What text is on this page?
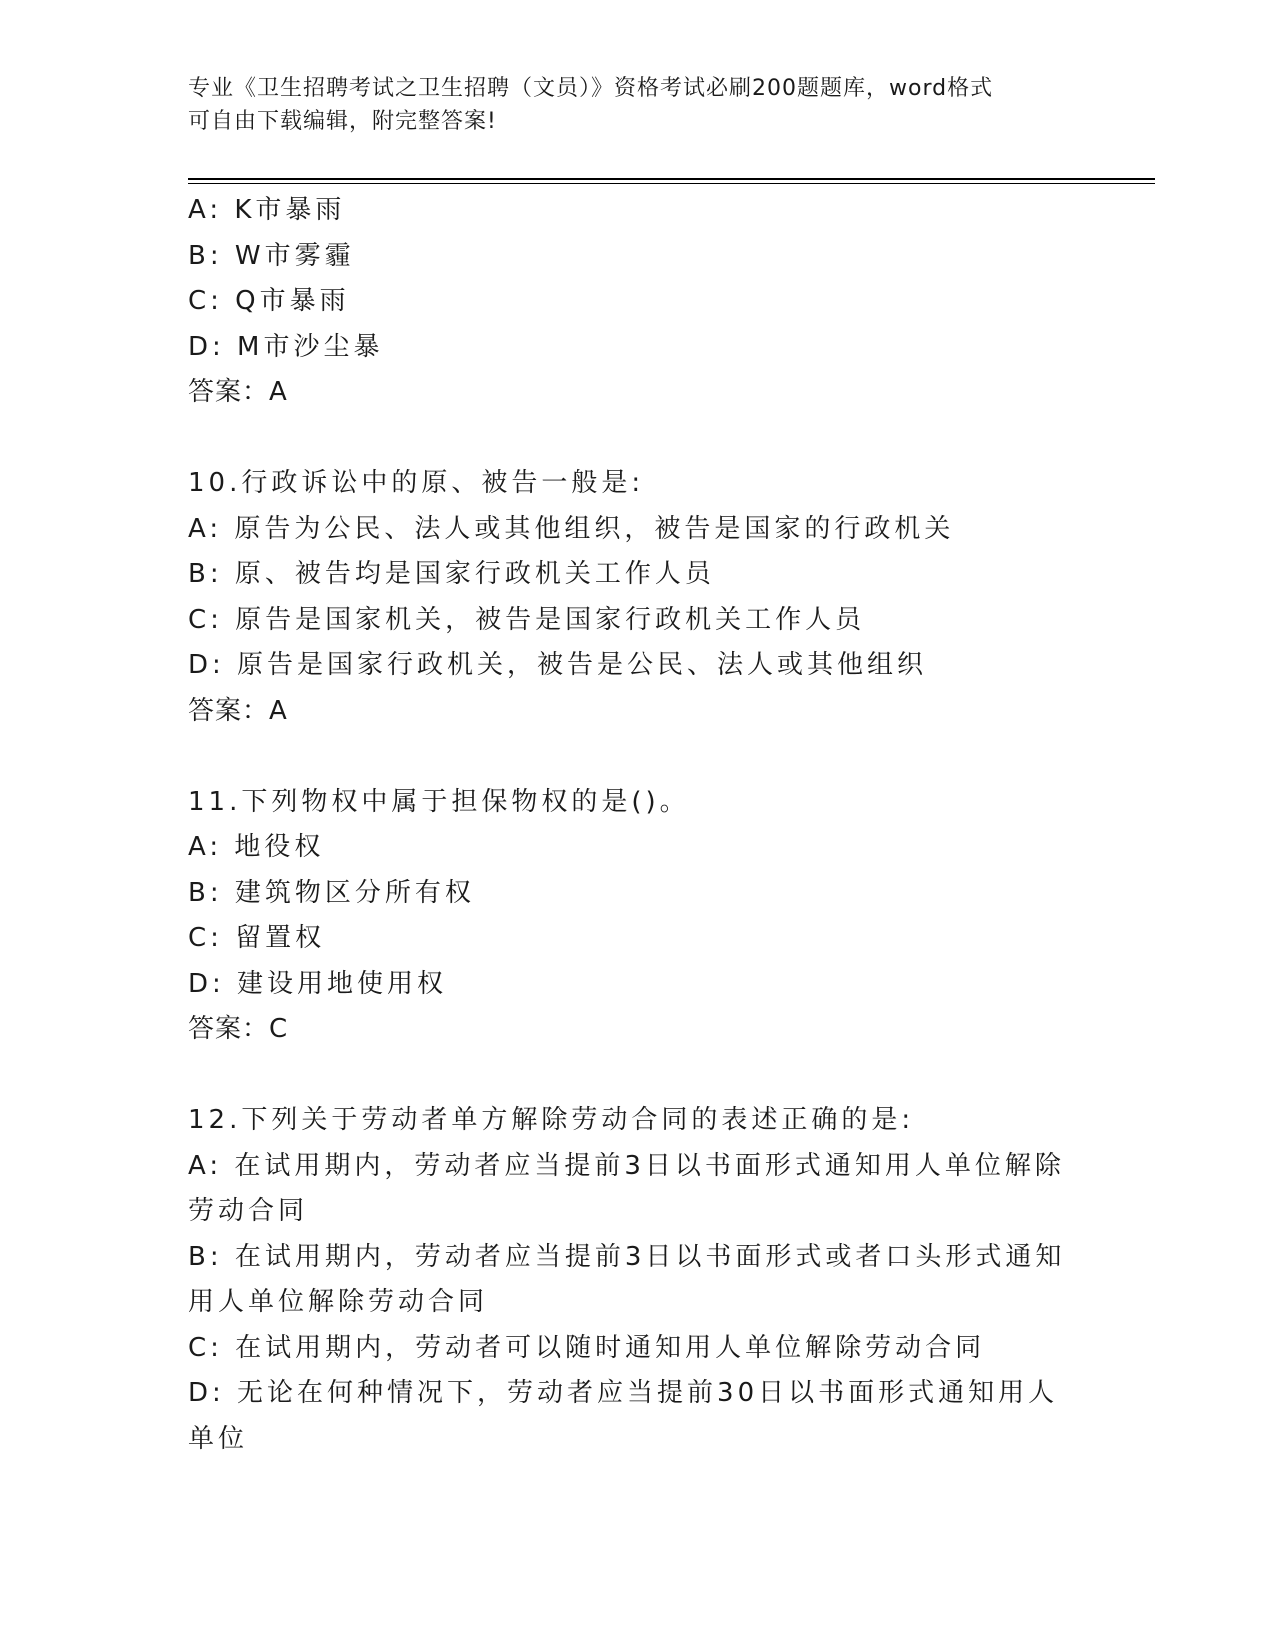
专业《卫生招聘考试之卫生招聘（文员）》资格考试必刷200题题库，word格式
可自由下载编辑，附完整答案!

A: K市暴雨

B: W市雾霾

C: Q市暴雨

D: M市沙尘暴

答案：A

10.行政诉讼中的原、被告一般是:

A: 原告为公民、法人或其他组织，被告是国家的行政机关

B: 原、被告均是国家行政机关工作人员

C: 原告是国家机关，被告是国家行政机关工作人员

D: 原告是国家行政机关，被告是公民、法人或其他组织

答案：A

11.下列物权中属于担保物权的是()。

A: 地役权

B: 建筑物区分所有权

C: 留置权

D: 建设用地使用权

答案：C

12.下列关于劳动者单方解除劳动合同的表述正确的是:

A: 在试用期内，劳动者应当提前3日以书面形式通知用人单位解除劳动合同

B: 在试用期内，劳动者应当提前3日以书面形式或者口头形式通知用人单位解除劳动合同

C: 在试用期内，劳动者可以随时通知用人单位解除劳动合同

D: 无论在何种情况下，劳动者应当提前30日以书面形式通知用人单位
